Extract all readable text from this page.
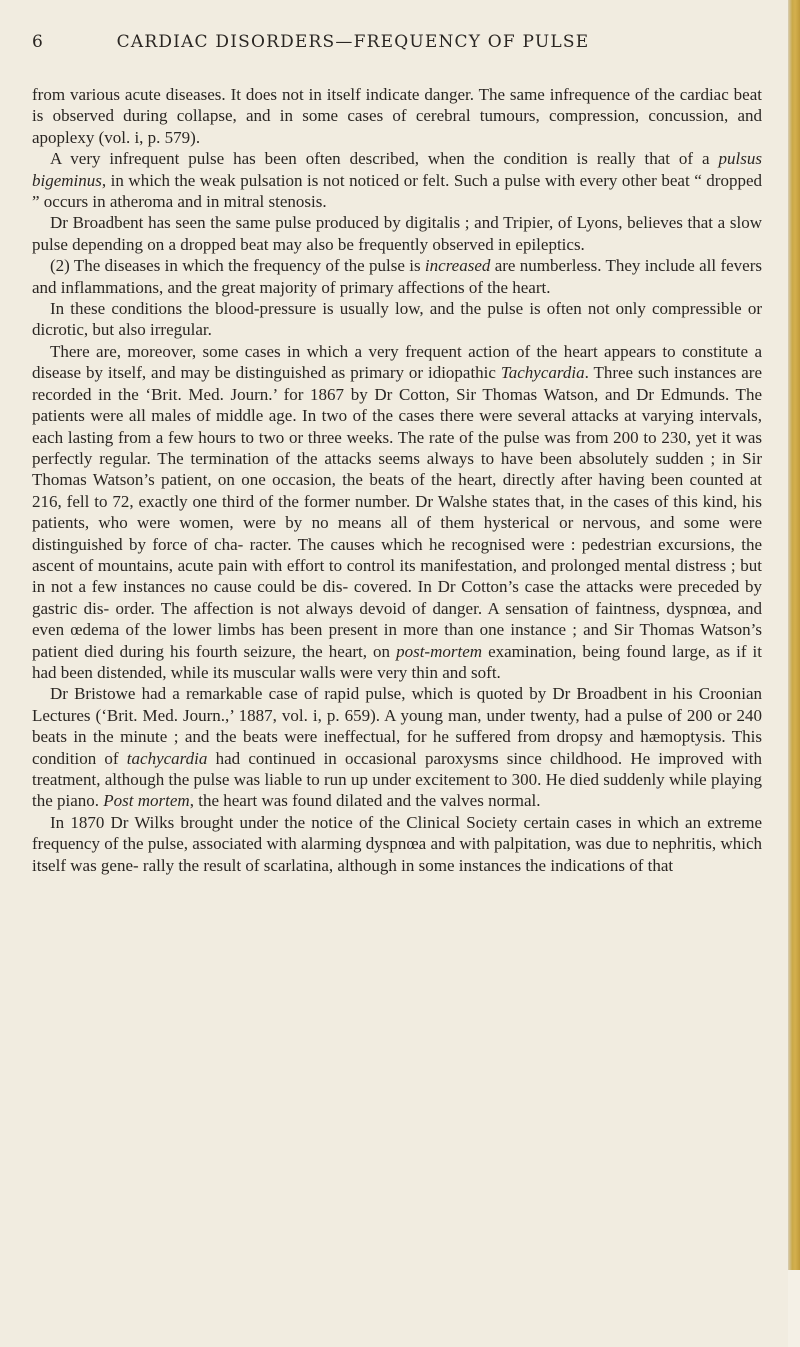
6	CARDIAC DISORDERS—FREQUENCY OF PULSE

from various acute diseases. It does not in itself indicate danger. The same infrequence of the cardiac beat is observed during collapse, and in some cases of cerebral tumours, compression, concussion, and apoplexy (vol. i, p. 579).

A very infrequent pulse has been often described, when the condition is really that of a pulsus bigeminus, in which the weak pulsation is not noticed or felt. Such a pulse with every other beat “ dropped ” occurs in atheroma and in mitral stenosis.

Dr Broadbent has seen the same pulse produced by digitalis ; and Tripier, of Lyons, believes that a slow pulse depending on a dropped beat may also be frequently observed in epileptics.

(2) The diseases in which the frequency of the pulse is increased are numberless. They include all fevers and inflammations, and the great majority of primary affections of the heart.

In these conditions the blood-pressure is usually low, and the pulse is often not only compressible or dicrotic, but also irregular.

There are, moreover, some cases in which a very frequent action of the heart appears to constitute a disease by itself, and may be distinguished as primary or idiopathic Tachycardia. Three such instances are recorded in the ‘Brit. Med. Journ.’ for 1867 by Dr Cotton, Sir Thomas Watson, and Dr Edmunds. The patients were all males of middle age. In two of the cases there were several attacks at varying intervals, each lasting from a few hours to two or three weeks. The rate of the pulse was from 200 to 230, yet it was perfectly regular. The termination of the attacks seems always to have been absolutely sudden ; in Sir Thomas Watson’s patient, on one occasion, the beats of the heart, directly after having been counted at 216, fell to 72, exactly one third of the former number. Dr Walshe states that, in the cases of this kind, his patients, who were women, were by no means all of them hysterical or nervous, and some were distinguished by force of cha- racter. The causes which he recognised were : pedestrian excursions, the ascent of mountains, acute pain with effort to control its manifestation, and prolonged mental distress ; but in not a few instances no cause could be dis- covered. In Dr Cotton’s case the attacks were preceded by gastric dis- order. The affection is not always devoid of danger. A sensation of faintness, dyspnœa, and even œdema of the lower limbs has been present in more than one instance ; and Sir Thomas Watson’s patient died during his fourth seizure, the heart, on post-mortem examination, being found large, as if it had been distended, while its muscular walls were very thin and soft.

Dr Bristowe had a remarkable case of rapid pulse, which is quoted by Dr Broadbent in his Croonian Lectures (‘Brit. Med. Journ.,’ 1887, vol. i, p. 659). A young man, under twenty, had a pulse of 200 or 240 beats in the minute ; and the beats were ineffectual, for he suffered from dropsy and hæmoptysis. This condition of tachycardia had continued in occasional paroxysms since childhood. He improved with treatment, although the pulse was liable to run up under excitement to 300. He died suddenly while playing the piano. Post mortem, the heart was found dilated and the valves normal.

In 1870 Dr Wilks brought under the notice of the Clinical Society certain cases in which an extreme frequency of the pulse, associated with alarming dyspnœa and with palpitation, was due to nephritis, which itself was gene- rally the result of scarlatina, although in some instances the indications of that
